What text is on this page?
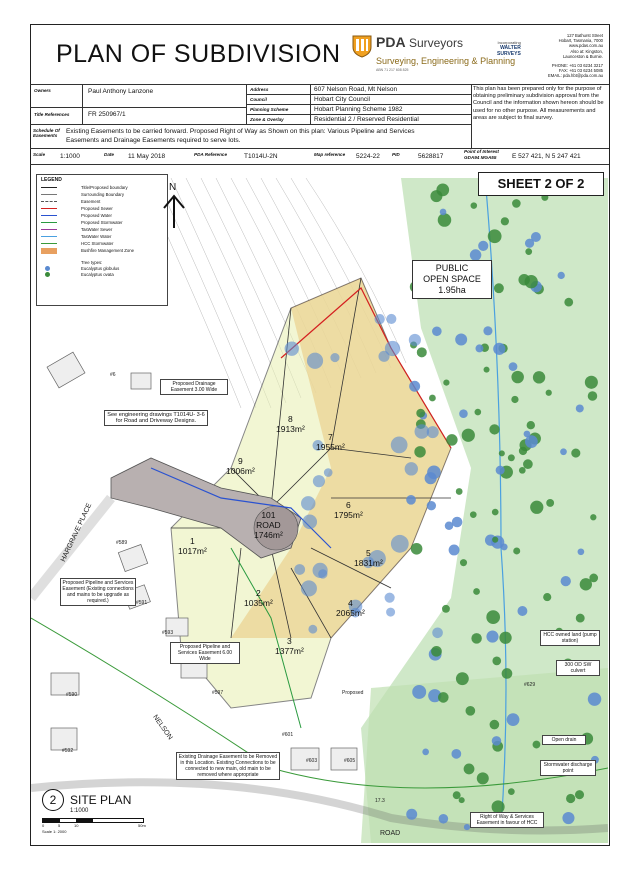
PLAN OF SUBDIVISION	PDA Surveyors
Surveying, Engineering & Planning
ABN 71 217 608 825
Incorporating
WALTER
SURVEYS
127 Bathurst Street
Hobart, Tasmania, 7000
www.pdas.com.au
Also at: Kingston,
Launceston & Burnie.
PHONE: +61 03 6234 3217
FAX: +61 03 6234 5085
EMAIL: pda.hbt@pda.com.au
Owners	Paul Anthony Lanzone
Title References	FR 250967/1
Address	607 Nelson Road, Mt Nelson
Council	Hobart City Council
Planning Scheme	Hobart Planning Scheme 1982
Zone & Overlay	Residential 2 / Reserved Residential
This plan has been prepared only for the purpose of obtaining preliminary subdivision approval from the Council and the information shown hereon should be used for no other purpose. All measurements and areas are subject to final survey.
Schedule Of Easements
Existing Easements to be carried forward. Proposed Right of Way as Shown on this plan: Various Pipeline and Services Easements and Drainage Easements required to serve lots.
Scale 1:1000	Date 11 May 2018	PDA Reference	T1014U-2N	Map reference 5224-22	PID	5628817
Point of Interest GDA94 MGA55	E 527 421, N 5 247 421
LEGEND
Title/Proposed boundary
Surrounding Boundary
Easement
Proposed Sewer
Proposed Water
Proposed Stormwater
TasWater Sewer
TasWater Water
HCC Stormwater
Bushfire Management Zone
Tree types:
Eucalyptus globulus
Eucalyptus ovata
SHEET 2 OF 2
N
PUBLIC
OPEN SPACE
1.95ha
1
1017m²
2
1035m²
3
1377m²
4
2065m²
5
1831m²
6
1795m²
7
1955m²
8
1913m²
9
1006m²
101
ROAD
1746m²
Proposed Drainage Easement 3.00 Wide
See engineering drawings T1014U- 3-6 for Road and Driveway Designs.
Proposed Pipeline and Services Easement (Existing connections and mains to be upgrade as required.)
Proposed Pipeline and Services Easement 6.00 Wide
Existing Drainage Easement to be Removed in this Location. Existing Connections to be connected to new main, old main to be removed where appropriate
HCC owned land (pump station)
300 OD SW culvert
Open drain
Stormwater discharge point
Right of Way & Services Easement in favour of HCC
Proposed
HARGRAVE PLACE
NELSON
ROAD
#6
#589
#591
#593
#590
#592
#597
#601
#603	#605
#629
17.3
2	SITE PLAN
1:1000
0	5	10	50m
Scale 1: 2000
